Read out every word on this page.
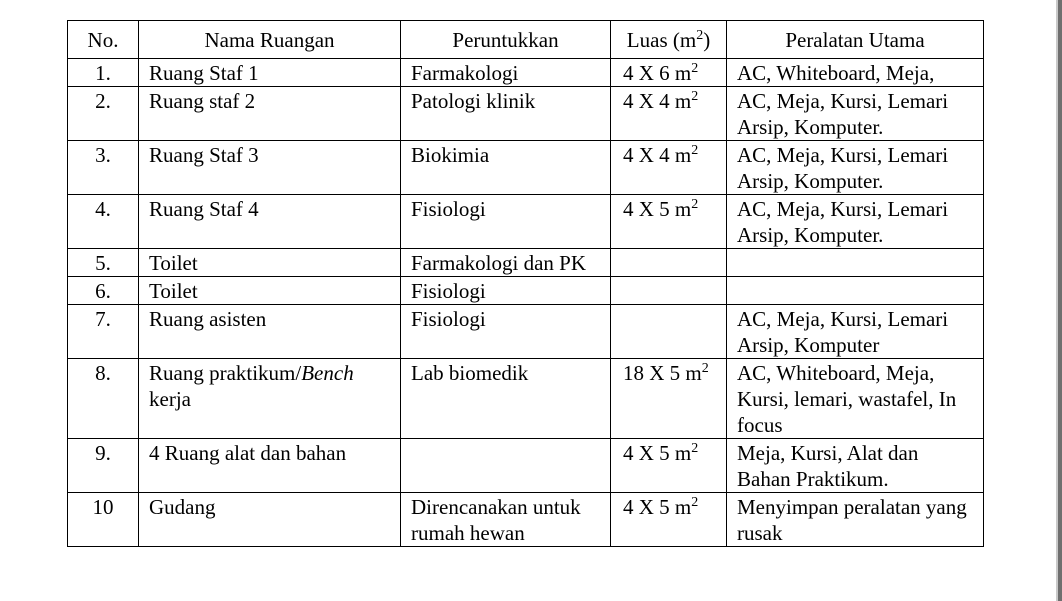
No.	Nama Ruangan	Peruntukkan	Luas $(m^2)$	Peralatan Utama
1.	Ruang Staf 1	Farmakologi	4 X 6 $m^2$	AC, Whiteboard, Meja,
2.	Ruang staf 2	Patologi klinik	4 X 4 $m^2$	AC, Meja, Kursi, Lemari Arsip, Komputer.
3.	Ruang Staf 3	Biokimia	4 X 4 $m^2$	AC, Meja, Kursi, Lemari Arsip, Komputer.
4.	Ruang Staf 4	Fisiologi	4 X 5 $m^2$	AC, Meja, Kursi, Lemari Arsip, Komputer.
5.	Toilet	Farmakologi dan PK		
6.	Toilet	Fisiologi		
7.	Ruang asisten	Fisiologi		AC, Meja, Kursi, Lemari Arsip, Komputer
8.	Ruang praktikum/Bench kerja	Lab biomedik	18 X 5 $m^2$	AC, Whiteboard, Meja, Kursi, lemari, wastafel, In focus
9.	4 Ruang alat dan bahan		4 X 5 $m^2$	Meja, Kursi, Alat dan Bahan Praktikum.
10	Gudang	Direncanakan untuk rumah hewan	4 X 5 $m^2$	Menyimpan peralatan yang rusak
